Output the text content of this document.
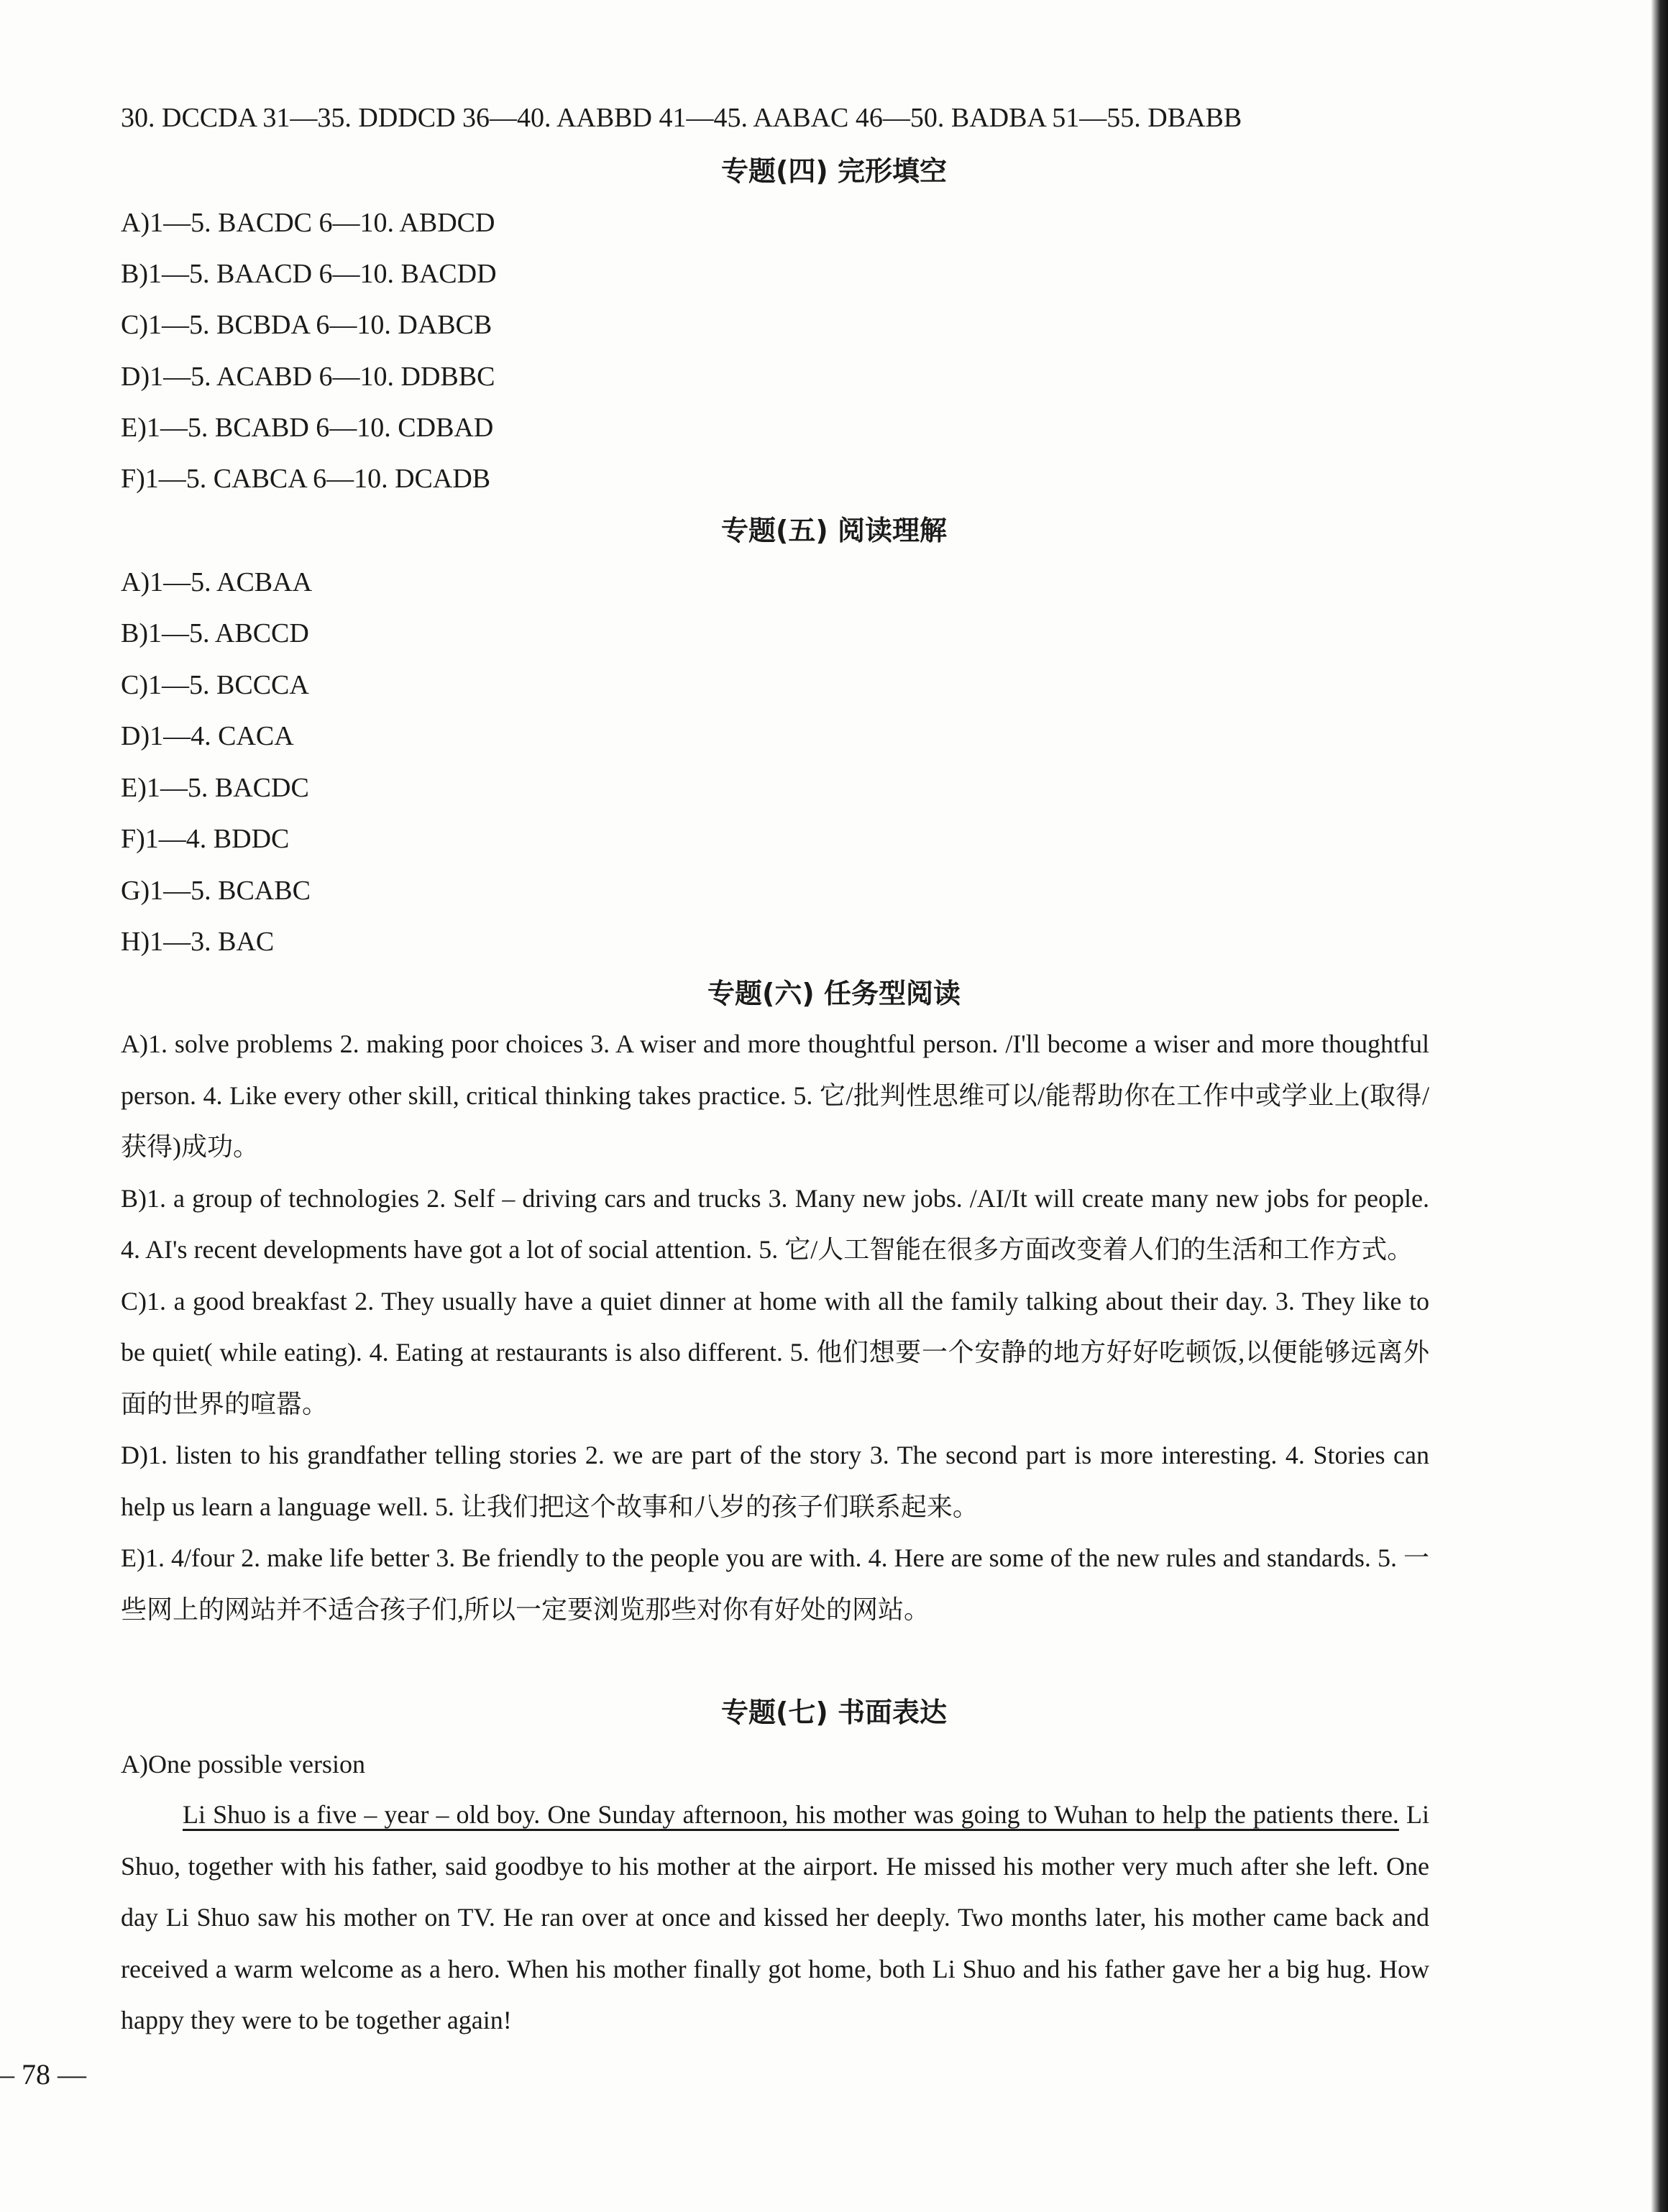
30. DCCDA 31—35. DDDCD 36—40. AABBD 41—45. AABAC 46—50. BADBA 51—55. DBABB
专题(四) 完形填空
A)1—5. BACDC 6—10. ABDCD
B)1—5. BAACD 6—10. BACDD
C)1—5. BCBDA 6—10. DABCB
D)1—5. ACABD 6—10. DDBBC
E)1—5. BCABD 6—10. CDBAD
F)1—5. CABCA 6—10. DCADB
专题(五) 阅读理解
A)1—5. ACBAA
B)1—5. ABCCD
C)1—5. BCCCA
D)1—4. CACA
E)1—5. BACDC
F)1—4. BDDC
G)1—5. BCABC
H)1—3. BAC
专题(六) 任务型阅读

A)1. solve problems 2. making poor choices 3. A wiser and more thoughtful person. /I'll become a wiser and more thoughtful person. 4. Like every other skill, critical thinking takes practice. 5. 它/批判性思维可以/能帮助你在工作中或学业上(取得/获得)成功。

B)1. a group of technologies 2. Self – driving cars and trucks 3. Many new jobs. /AI/It will create many new jobs for people. 4. AI's recent developments have got a lot of social attention. 5. 它/人工智能在很多方面改变着人们的生活和工作方式。

C)1. a good breakfast 2. They usually have a quiet dinner at home with all the family talking about their day. 3. They like to be quiet( while eating). 4. Eating at restaurants is also different. 5. 他们想要一个安静的地方好好吃顿饭,以便能够远离外面的世界的喧嚣。

D)1. listen to his grandfather telling stories 2. we are part of the story 3. The second part is more interesting. 4. Stories can help us learn a language well. 5. 让我们把这个故事和八岁的孩子们联系起来。

E)1. 4/four 2. make life better 3. Be friendly to the people you are with. 4. Here are some of the new rules and standards. 5. 一些网上的网站并不适合孩子们,所以一定要浏览那些对你有好处的网站。

专题(七) 书面表达
A)One possible version
Li Shuo is a five – year – old boy. One Sunday afternoon, his mother was going to Wuhan to help the patients there. Li Shuo, together with his father, said goodbye to his mother at the airport. He missed his mother very much after she left. One day Li Shuo saw his mother on TV. He ran over at once and kissed her deeply. Two months later, his mother came back and received a warm welcome as a hero. When his mother finally got home, both Li Shuo and his father gave her a big hug. How happy they were to be together again!
– 78 —
